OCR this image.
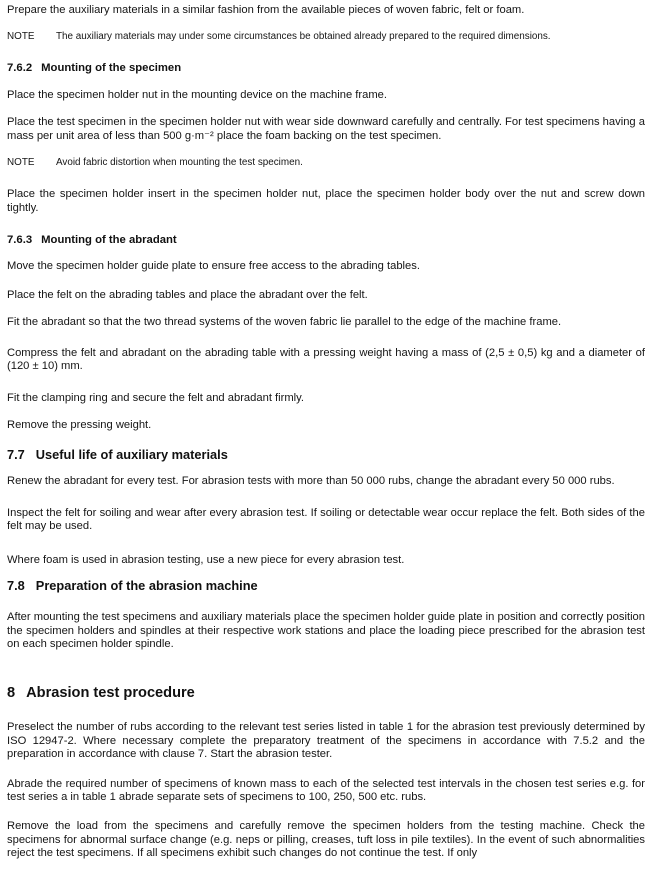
Prepare the auxiliary materials in a similar fashion from the available pieces of woven fabric, felt or foam.

NOTE	The auxiliary materials may under some circumstances be obtained already prepared to the required dimensions.
7.6.2 Mounting of the specimen

Place the specimen holder nut in the mounting device on the machine frame.

Place the test specimen in the specimen holder nut with wear side downward carefully and centrally. For test specimens having a mass per unit area of less than 500 g·m⁻² place the foam backing on the test specimen.

NOTE	Avoid fabric distortion when mounting the test specimen.

Place the specimen holder insert in the specimen holder nut, place the specimen holder body over the nut and screw down tightly.

7.6.3 Mounting of the abradant

Move the specimen holder guide plate to ensure free access to the abrading tables.

Place the felt on the abrading tables and place the abradant over the felt.

Fit the abradant so that the two thread systems of the woven fabric lie parallel to the edge of the machine frame.

Compress the felt and abradant on the abrading table with a pressing weight having a mass of (2,5 ± 0,5) kg and a diameter of (120 ± 10) mm.

Fit the clamping ring and secure the felt and abradant firmly.

Remove the pressing weight.

7.7 Useful life of auxiliary materials

Renew the abradant for every test. For abrasion tests with more than 50 000 rubs, change the abradant every 50 000 rubs.

Inspect the felt for soiling and wear after every abrasion test. If soiling or detectable wear occur replace the felt. Both sides of the felt may be used.

Where foam is used in abrasion testing, use a new piece for every abrasion test.

7.8 Preparation of the abrasion machine

After mounting the test specimens and auxiliary materials place the specimen holder guide plate in position and correctly position the specimen holders and spindles at their respective work stations and place the loading piece prescribed for the abrasion test on each specimen holder spindle.

8 Abrasion test procedure

Preselect the number of rubs according to the relevant test series listed in table 1 for the abrasion test previously determined by ISO 12947-2. Where necessary complete the preparatory treatment of the specimens in accordance with 7.5.2 and the preparation in accordance with clause 7. Start the abrasion tester.

Abrade the required number of specimens of known mass to each of the selected test intervals in the chosen test series e.g. for test series a in table 1 abrade separate sets of specimens to 100, 250, 500 etc. rubs.

Remove the load from the specimens and carefully remove the specimen holders from the testing machine. Check the specimens for abnormal surface change (e.g. neps or pilling, creases, tuft loss in pile textiles). In the event of such abnormalities reject the test specimens. If all specimens exhibit such changes do not continue the test. If only
